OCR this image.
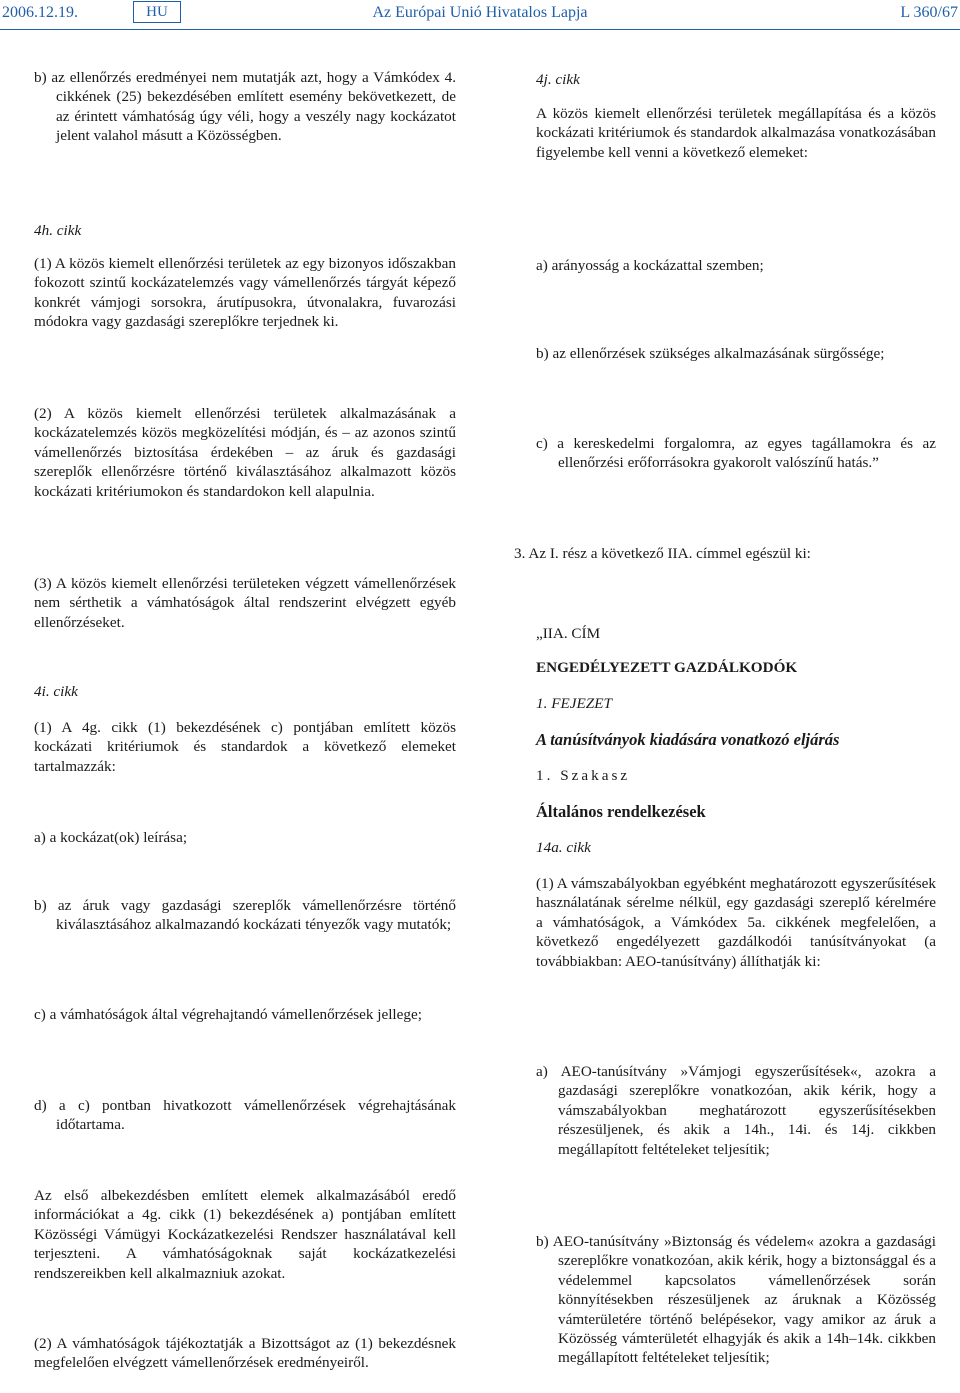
2006.12.19.	HU	Az Európai Unió Hivatalos Lapja	L 360/67

b) az ellenőrzés eredményei nem mutatják azt, hogy a Vámkódex 4. cikkének (25) bekezdésében említett esemény bekövetkezett, de az érintett vámhatóság úgy véli, hogy a veszély nagy kockázatot jelent valahol másutt a Közösségben.

4h. cikk

(1) A közös kiemelt ellenőrzési területek az egy bizonyos időszakban fokozott szintű kockázatelemzés vagy vámellenőrzés tárgyát képező konkrét vámjogi sorsokra, árutípusokra, útvonalakra, fuvarozási módokra vagy gazdasági szereplőkre terjednek ki.

(2) A közös kiemelt ellenőrzési területek alkalmazásának a kockázatelemzés közös megközelítési módján, és – az azonos szintű vámellenőrzés biztosítása érdekében – az áruk és gazdasági szereplők ellenőrzésre történő kiválasztásához alkalmazott közös kockázati kritériumokon és standardokon kell alapulnia.

(3) A közös kiemelt ellenőrzési területeken végzett vámellenőrzések nem sérthetik a vámhatóságok által rendszerint elvégzett egyéb ellenőrzéseket.

4i. cikk

(1) A 4g. cikk (1) bekezdésének c) pontjában említett közös kockázati kritériumok és standardok a következő elemeket tartalmazzák:

a) a kockázat(ok) leírása;

b) az áruk vagy gazdasági szereplők vámellenőrzésre történő kiválasztásához alkalmazandó kockázati tényezők vagy mutatók;

c) a vámhatóságok által végrehajtandó vámellenőrzések jellege;

d) a c) pontban hivatkozott vámellenőrzések végrehajtásának időtartama.

Az első albekezdésben említett elemek alkalmazásából eredő információkat a 4g. cikk (1) bekezdésének a) pontjában említett Közösségi Vámügyi Kockázatkezelési Rendszer használatával kell terjeszteni. A vámhatóságoknak saját kockázatkezelési rendszereikben kell alkalmazniuk azokat.

(2) A vámhatóságok tájékoztatják a Bizottságot az (1) bekezdésnek megfelelően elvégzett vámellenőrzések eredményeiről.

4j. cikk

A közös kiemelt ellenőrzési területek megállapítása és a közös kockázati kritériumok és standardok alkalmazása vonatkozásában figyelembe kell venni a következő elemeket:

a) arányosság a kockázattal szemben;

b) az ellenőrzések szükséges alkalmazásának sürgőssége;

c) a kereskedelmi forgalomra, az egyes tagállamokra és az ellenőrzési erőforrásokra gyakorolt valószínű hatás.”

3. Az I. rész a következő IIA. címmel egészül ki:

„IIA. CÍM

ENGEDÉLYEZETT GAZDÁLKODÓK

1. FEJEZET

A tanúsítványok kiadására vonatkozó eljárás

1. Szakasz

Általános rendelkezések

14a. cikk

(1) A vámszabályokban egyébként meghatározott egyszerűsítések használatának sérelme nélkül, egy gazdasági szereplő kérelmére a vámhatóságok, a Vámkódex 5a. cikkének megfelelően, a következő engedélyezett gazdálkodói tanúsítványokat (a továbbiakban: AEO-tanúsítvány) állíthatják ki:

a) AEO-tanúsítvány »Vámjogi egyszerűsítések«, azokra a gazdasági szereplőkre vonatkozóan, akik kérik, hogy a vámszabályokban meghatározott egyszerűsítésekben részesüljenek, és akik a 14h., 14i. és 14j. cikkben megállapított feltételeket teljesítik;

b) AEO-tanúsítvány »Biztonság és védelem« azokra a gazdasági szereplőkre vonatkozóan, akik kérik, hogy a biztonsággal és a védelemmel kapcsolatos vámellenőrzések során könnyítésekben részesüljenek az áruknak a Közösség vámterületére történő belépésekor, vagy amikor az áruk a Közösség vámterületét elhagyják és akik a 14h–14k. cikkben megállapított feltételeket teljesítik;
